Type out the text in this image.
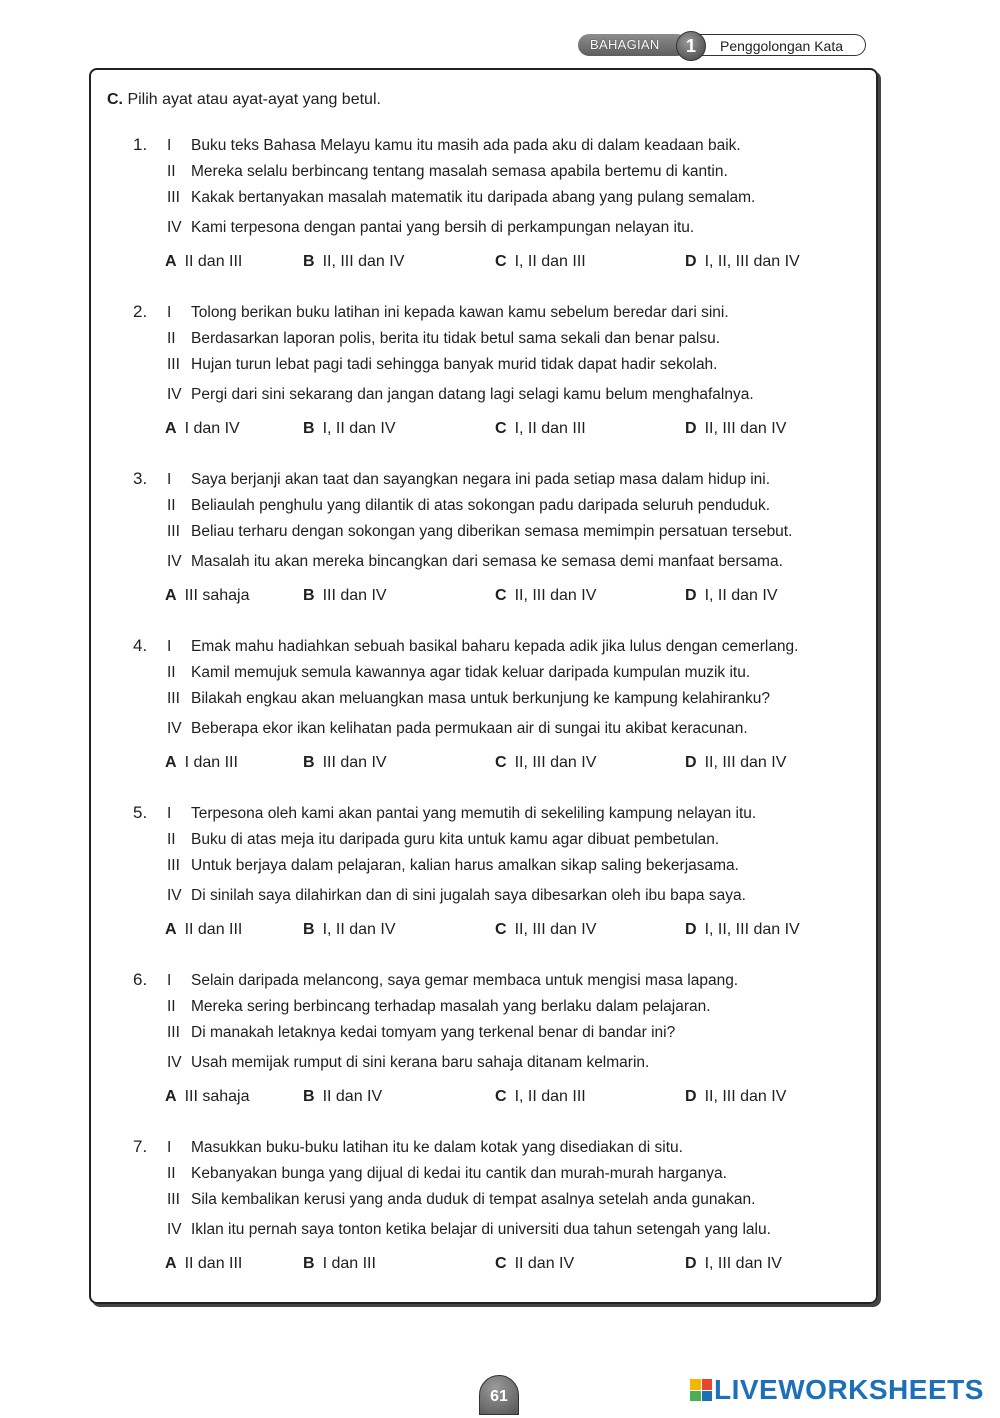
BAHAGIAN	Penggolongan Kata
1
C. Pilih ayat atau ayat-ayat yang betul.
1. I Buku teks Bahasa Melayu kamu itu masih ada pada aku di dalam keadaan baik.
II Mereka selalu berbincang tentang masalah semasa apabila bertemu di kantin.
III Kakak bertanyakan masalah matematik itu daripada abang yang pulang semalam.
IV Kami terpesona dengan pantai yang bersih di perkampungan nelayan itu.
A II dan III	B II, III dan IV	C I, II dan III	D I, II, III dan IV
2. I Tolong berikan buku latihan ini kepada kawan kamu sebelum beredar dari sini.
II Berdasarkan laporan polis, berita itu tidak betul sama sekali dan benar palsu.
III Hujan turun lebat pagi tadi sehingga banyak murid tidak dapat hadir sekolah.
IV Pergi dari sini sekarang dan jangan datang lagi selagi kamu belum menghafalnya.
A I dan IV	B I, II dan IV	C I, II dan III	D II, III dan IV
3. I Saya berjanji akan taat dan sayangkan negara ini pada setiap masa dalam hidup ini.
II Beliaulah penghulu yang dilantik di atas sokongan padu daripada seluruh penduduk.
III Beliau terharu dengan sokongan yang diberikan semasa memimpin persatuan tersebut.
IV Masalah itu akan mereka bincangkan dari semasa ke semasa demi manfaat bersama.
A III sahaja	B III dan IV	C II, III dan IV	D I, II dan IV
4. I Emak mahu hadiahkan sebuah basikal baharu kepada adik jika lulus dengan cemerlang.
II Kamil memujuk semula kawannya agar tidak keluar daripada kumpulan muzik itu.
III Bilakah engkau akan meluangkan masa untuk berkunjung ke kampung kelahiranku?
IV Beberapa ekor ikan kelihatan pada permukaan air di sungai itu akibat keracunan.
A I dan III	B III dan IV	C II, III dan IV	D II, III dan IV
5. I Terpesona oleh kami akan pantai yang memutih di sekeliling kampung nelayan itu.
II Buku di atas meja itu daripada guru kita untuk kamu agar dibuat pembetulan.
III Untuk berjaya dalam pelajaran, kalian harus amalkan sikap saling bekerjasama.
IV Di sinilah saya dilahirkan dan di sini jugalah saya dibesarkan oleh ibu bapa saya.
A II dan III	B I, II dan IV	C II, III dan IV	D I, II, III dan IV
6. I Selain daripada melancong, saya gemar membaca untuk mengisi masa lapang.
II Mereka sering berbincang terhadap masalah yang berlaku dalam pelajaran.
III Di manakah letaknya kedai tomyam yang terkenal benar di bandar ini?
IV Usah memijak rumput di sini kerana baru sahaja ditanam kelmarin.
A III sahaja	B II dan IV	C I, II dan III	D II, III dan IV
7. I Masukkan buku-buku latihan itu ke dalam kotak yang disediakan di situ.
II Kebanyakan bunga yang dijual di kedai itu cantik dan murah-murah harganya.
III Sila kembalikan kerusi yang anda duduk di tempat asalnya setelah anda gunakan.
IV Iklan itu pernah saya tonton ketika belajar di universiti dua tahun setengah yang lalu.
A II dan III	B I dan III	C II dan IV	D I, III dan IV
61	LIVEWORKSHEETS
